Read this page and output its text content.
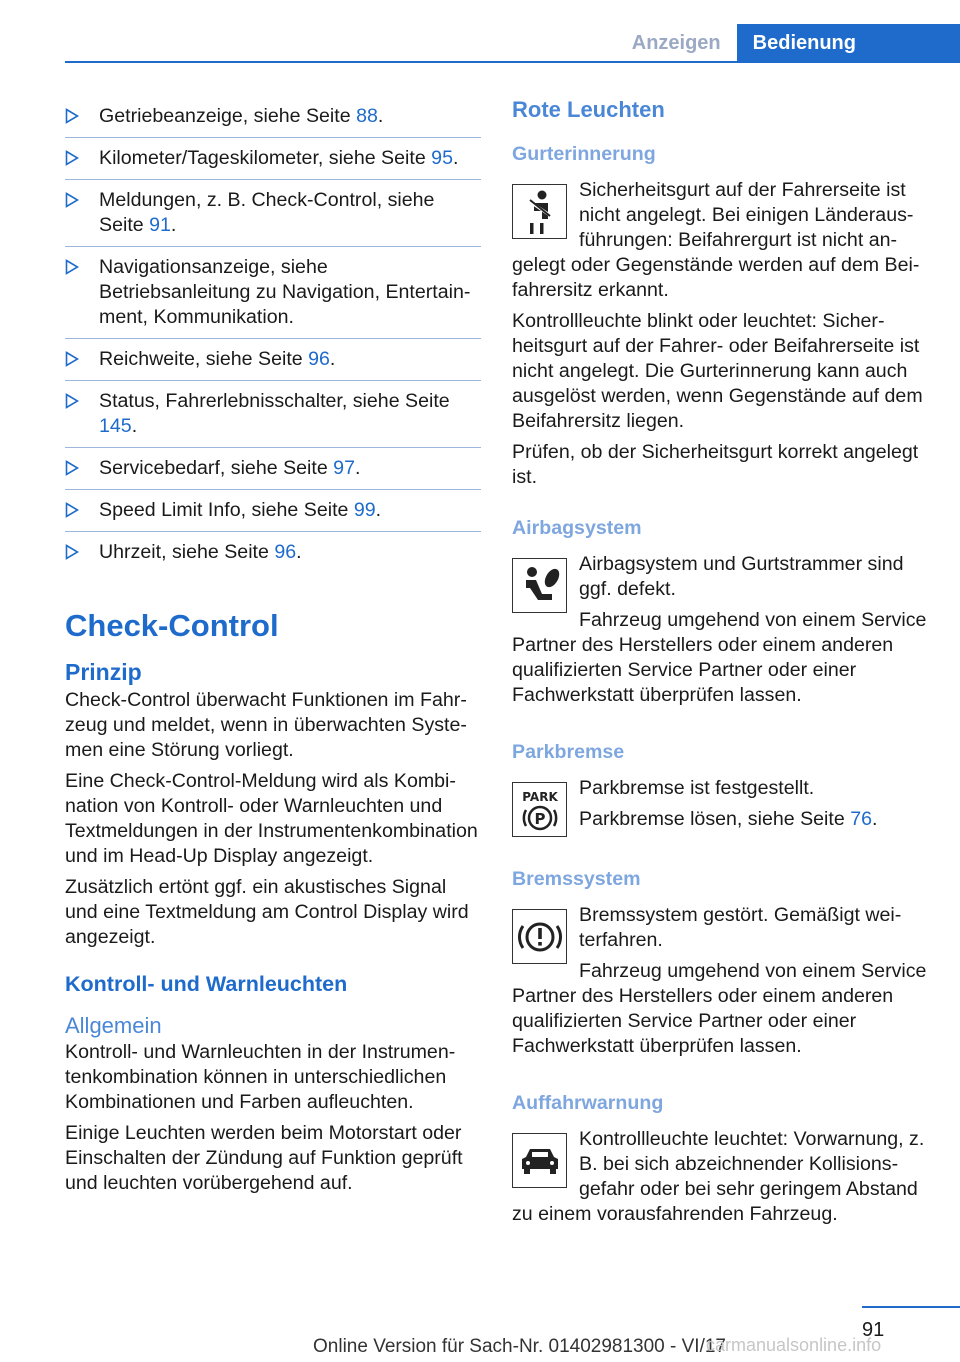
Anzeigen	Bedienung
Getriebeanzeige, siehe Seite 88.
Kilometer/Tageskilometer, siehe Seite 95.
Meldungen, z. B. Check-Control, siehe Seite 91.
Navigationsanzeige, siehe Betriebsanleitung zu Navigation, Entertainment, Kommunikation.
Reichweite, siehe Seite 96.
Status, Fahrerlebnisschalter, siehe Seite 145.
Servicebedarf, siehe Seite 97.
Speed Limit Info, siehe Seite 99.
Uhrzeit, siehe Seite 96.
Check-Control
Prinzip

Check-Control überwacht Funktionen im Fahrzeug und meldet, wenn in überwachten Systemen eine Störung vorliegt.

Eine Check-Control-Meldung wird als Kombination von Kontroll- oder Warnleuchten und Textmeldungen in der Instrumentenkombination und im Head-Up Display angezeigt.

Zusätzlich ertönt ggf. ein akustisches Signal und eine Textmeldung am Control Display wird angezeigt.

Kontroll- und Warnleuchten
Allgemein

Kontroll- und Warnleuchten in der Instrumentenkombination können in unterschiedlichen Kombinationen und Farben aufleuchten.

Einige Leuchten werden beim Motorstart oder Einschalten der Zündung auf Funktion geprüft und leuchten vorübergehend auf.

Rote Leuchten
Gurterinnerung

Sicherheitsgurt auf der Fahrerseite ist nicht angelegt. Bei einigen Länderausführungen: Beifahrergurt ist nicht angelegt oder Gegenstände werden auf dem Beifahrersitz erkannt.

Kontrollleuchte blinkt oder leuchtet: Sicherheitsgurt auf der Fahrer- oder Beifahrerseite ist nicht angelegt. Die Gurterinnerung kann auch ausgelöst werden, wenn Gegenstände auf dem Beifahrersitz liegen.

Prüfen, ob der Sicherheitsgurt korrekt angelegt ist.

Airbagsystem

Airbagsystem und Gurtstrammer sind ggf. defekt.

Fahrzeug umgehend von einem Service Partner des Herstellers oder einem anderen qualifizierten Service Partner oder einer Fachwerkstatt überprüfen lassen.

Parkbremse
PARK
P

Parkbremse ist festgestellt.

Parkbremse lösen, siehe Seite 76.

Bremssystem

Bremssystem gestört. Gemäßigt weiterfahren.

Fahrzeug umgehend von einem Service Partner des Herstellers oder einem anderen qualifizierten Service Partner oder einer Fachwerkstatt überprüfen lassen.

Auffahrwarnung

Kontrollleuchte leuchtet: Vorwarnung, z. B. bei sich abzeichnender Kollisionsgefahr oder bei sehr geringem Abstand zu einem vorausfahrenden Fahrzeug.

91
Online Version für Sach-Nr. 01402981300 - VI/17
carmanualsonline.info
